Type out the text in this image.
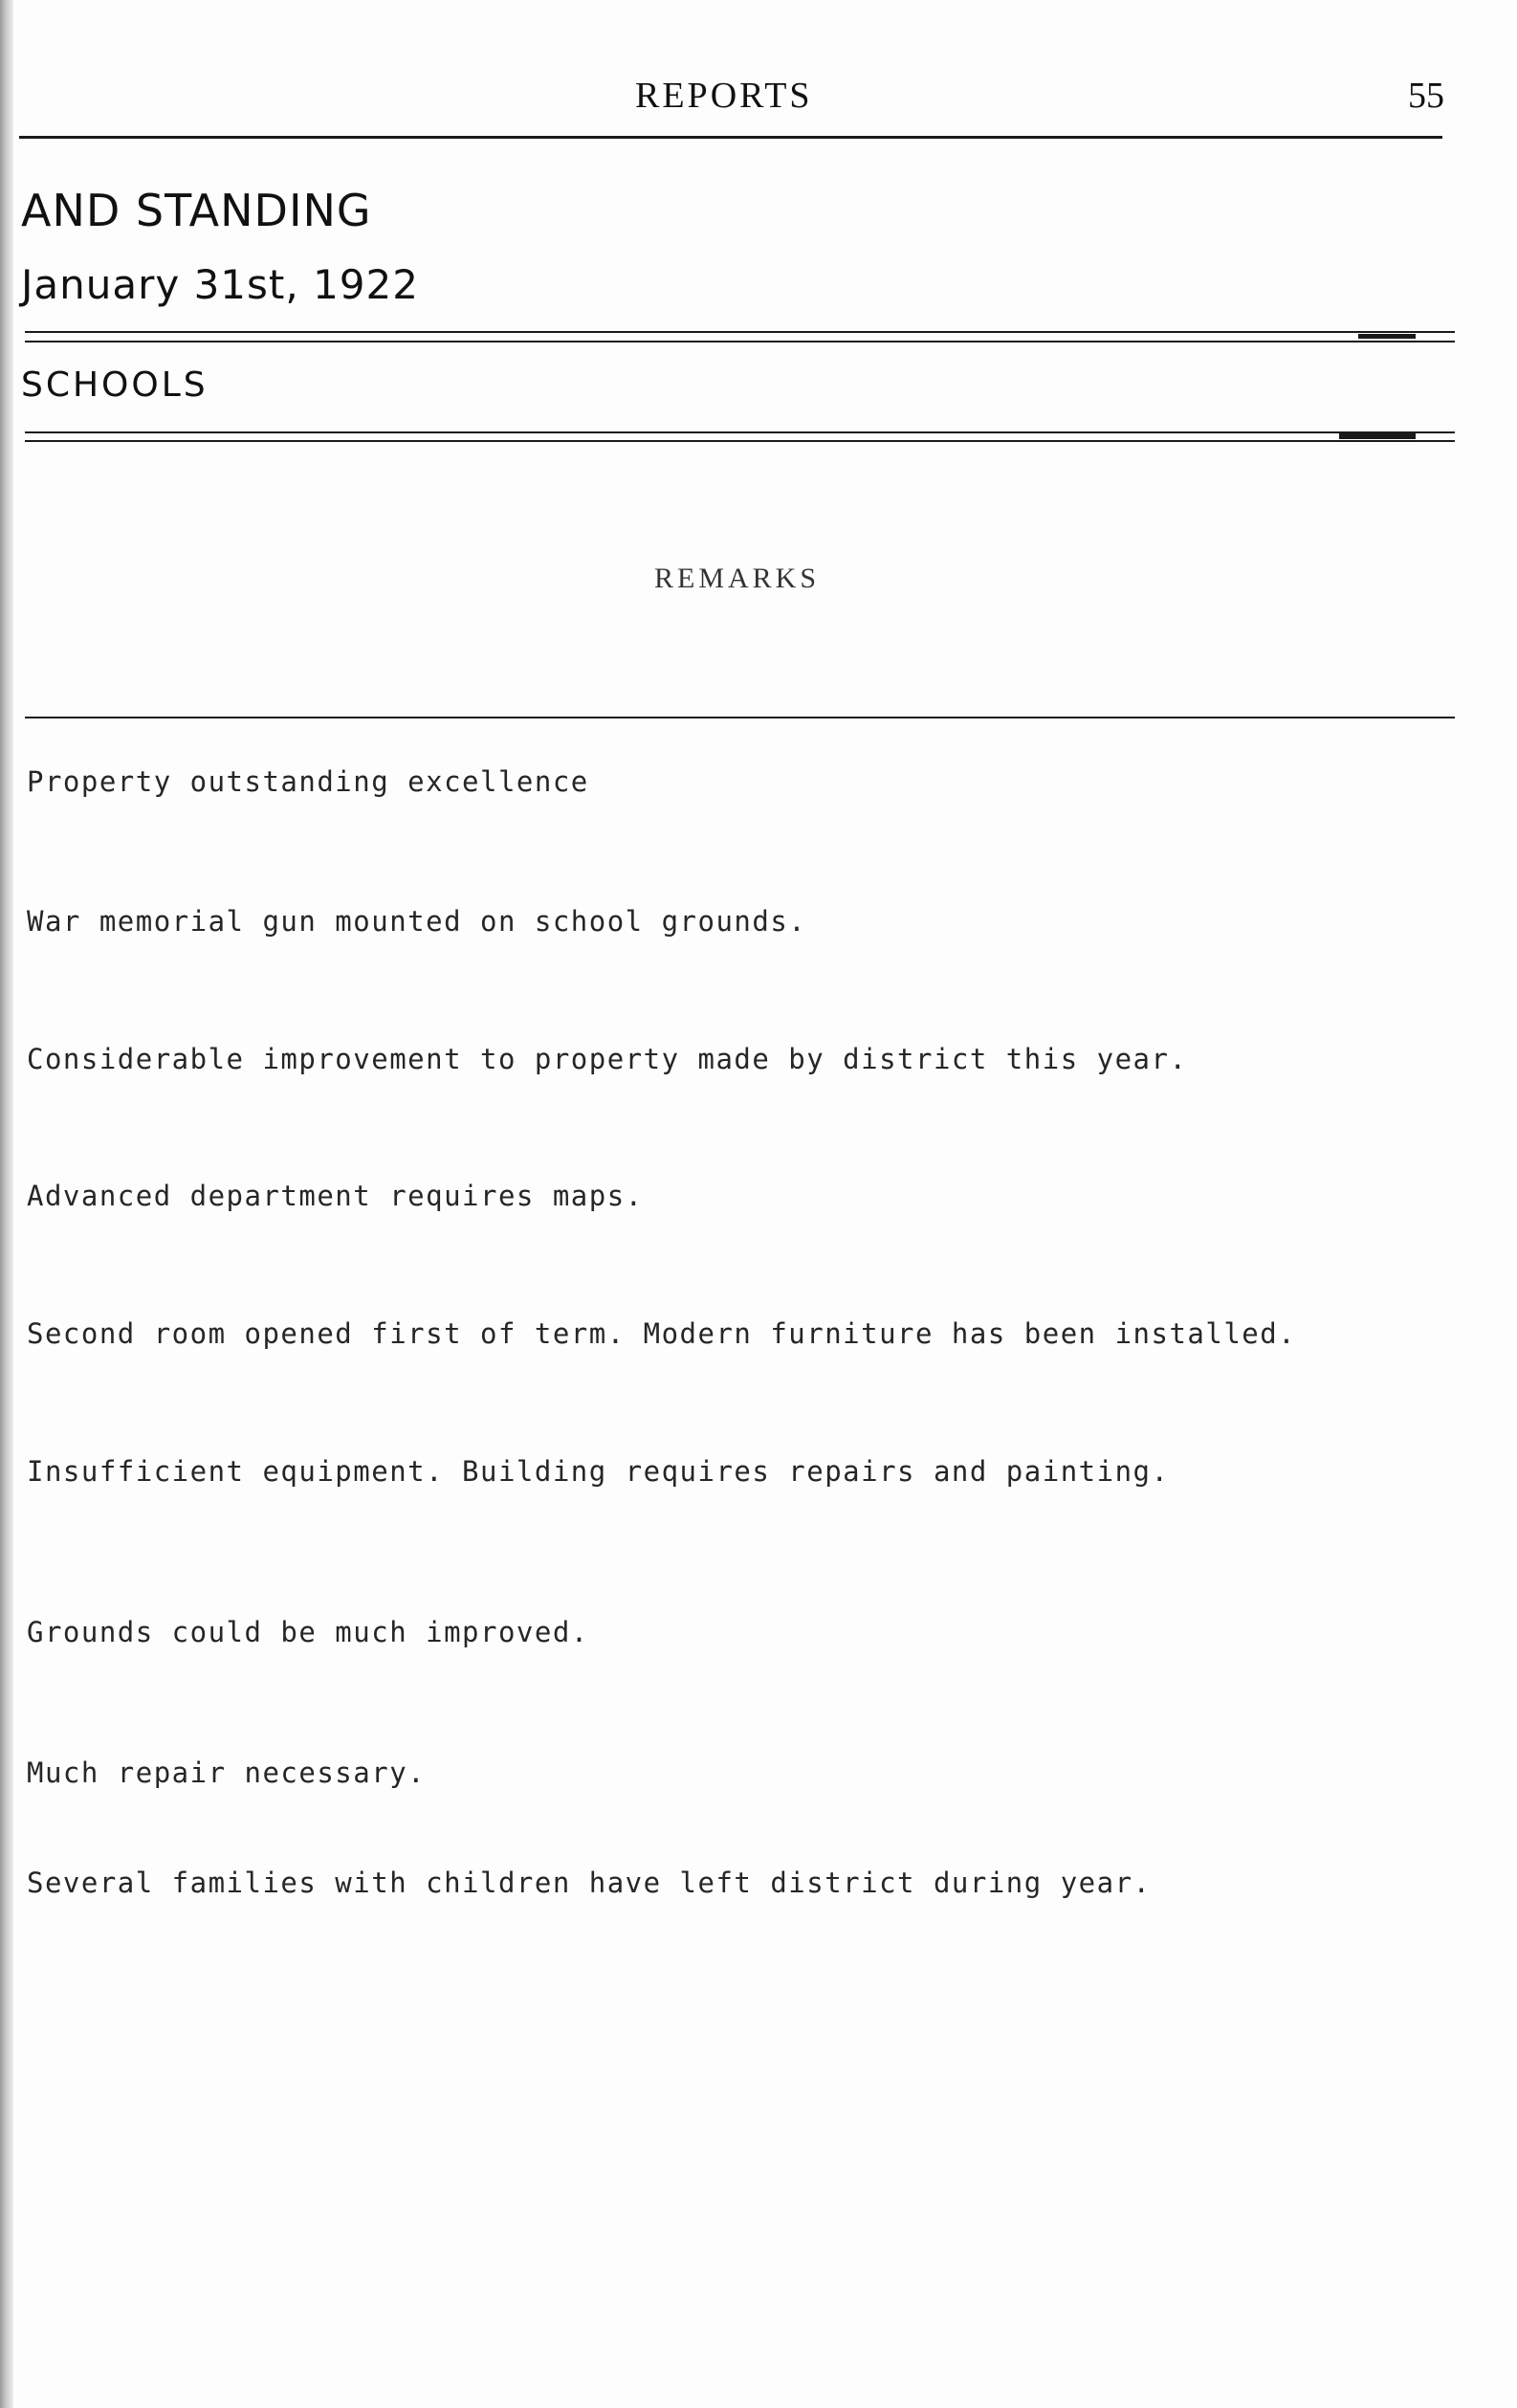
REPORTS	55
AND STANDING
January 31st, 1922
SCHOOLS
REMARKS
Property outstanding excellence
War memorial gun mounted on school grounds.
Considerable improvement to property made by district this year.
Advanced department requires maps.
Second room opened first of term. Modern furniture has been installed.
Insufficient equipment. Building requires repairs and painting.
Grounds could be much improved.
Much repair necessary.
Several families with children have left district during year.
